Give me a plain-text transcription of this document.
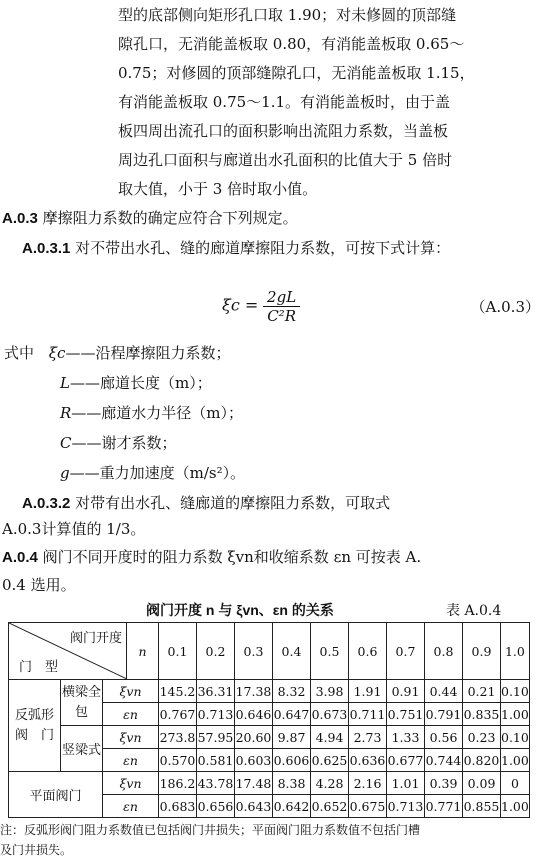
型的底部侧向矩形孔口取 1.90；对未修圆的顶部缝
隙孔口，无消能盖板取 0.80，有消能盖板取 0.65～
0.75；对修圆的顶部缝隙孔口，无消能盖板取 1.15，
有消能盖板取 0.75～1.1。有消能盖板时，由于盖
板四周出流孔口的面积影响出流阻力系数，当盖板
周边孔口面积与廊道出水孔面积的比值大于 5 倍时
取大值，小于 3 倍时取小值。
A.0.3 摩擦阻力系数的确定应符合下列规定。
A.0.3.1 对不带出水孔、缝的廊道摩擦阻力系数，可按下式计算：
$\xi c = \frac{2gL}{\text{C²R}}$	（A.0.3）
式中 ξc——沿程摩擦阻力系数；
L——廊道长度（m）；
R——廊道水力半径（m）；
C——谢才系数；
g——重力加速度（m/s²）。
A.0.3.2 对带有出水孔、缝廊道的摩擦阻力系数，可取式
A.0.3计算值的 1/3。
A.0.4 阀门不同开度时的阻力系数 ξvn和收缩系数 εn 可按表 A.
0.4 选用。
阀门开度 n 与 ξvn、εn 的关系	表 A.0.4
阀门开度
门　型			n	0.1	0.2	0.3	0.4	0.5	0.6	0.7	0.8	0.9	1.0
反弧形阀　门	横梁全包	ξvn		145.2	36.31	17.38	8.32	3.98	1.91	0.91	0.44	0.21	0.10
		εn		0.767	0.713	0.646	0.647	0.673	0.711	0.751	0.791	0.835	1.00
	竖梁式	ξvn		273.8	57.95	20.60	9.87	4.94	2.73	1.33	0.56	0.23	0.10
		εn		0.570	0.581	0.603	0.606	0.625	0.636	0.677	0.744	0.820	1.00
平面阀门		ξvn		186.2	43.78	17.48	8.38	4.28	2.16	1.01	0.39	0.09	0
		εn		0.683	0.656	0.643	0.642	0.652	0.675	0.713	0.771	0.855	1.00
注：反弧形阀门阻力系数值已包括阀门井损失；平面阀门阻力系数值不包括门槽
及门井损失。
